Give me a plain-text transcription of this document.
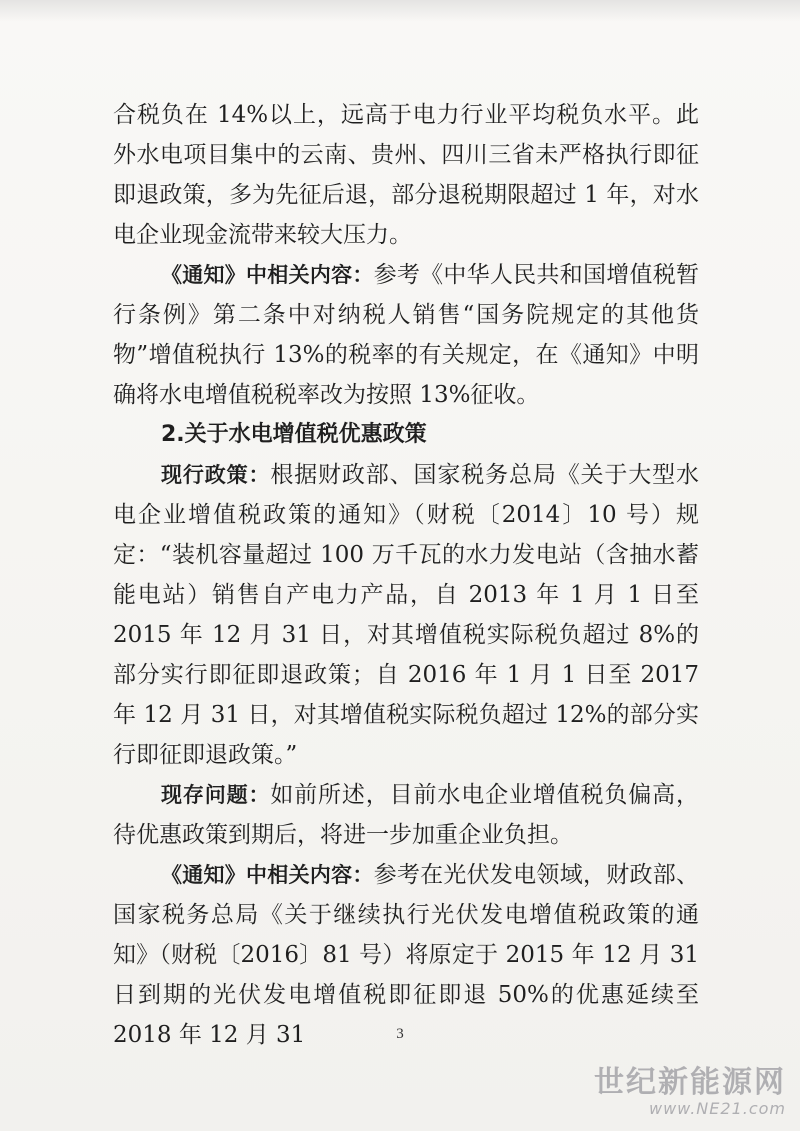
合税负在 14%以上，远高于电力行业平均税负水平。此外水电项目集中的云南、贵州、四川三省未严格执行即征即退政策，多为先征后退，部分退税期限超过 1 年，对水电企业现金流带来较大压力。

《通知》中相关内容：参考《中华人民共和国增值税暂行条例》第二条中对纳税人销售“国务院规定的其他货物”增值税执行 13%的税率的有关规定，在《通知》中明确将水电增值税税率改为按照 13%征收。

2.关于水电增值税优惠政策

现行政策：根据财政部、国家税务总局《关于大型水电企业增值税政策的通知》（财税〔2014〕10 号）规定：“装机容量超过 100 万千瓦的水力发电站（含抽水蓄能电站）销售自产电力产品，自 2013 年 1 月 1 日至 2015 年 12 月 31 日，对其增值税实际税负超过 8%的部分实行即征即退政策；自 2016 年 1 月 1 日至 2017 年 12 月 31 日，对其增值税实际税负超过 12%的部分实行即征即退政策。”

现存问题：如前所述，目前水电企业增值税负偏高，待优惠政策到期后，将进一步加重企业负担。

《通知》中相关内容：参考在光伏发电领域，财政部、国家税务总局《关于继续执行光伏发电增值税政策的通知》（财税〔2016〕81 号）将原定于 2015 年 12 月 31 日到期的光伏发电增值税即征即退 50%的优惠延续至 2018 年 12 月 31	3
世纪新能源网
www.NE21.com
